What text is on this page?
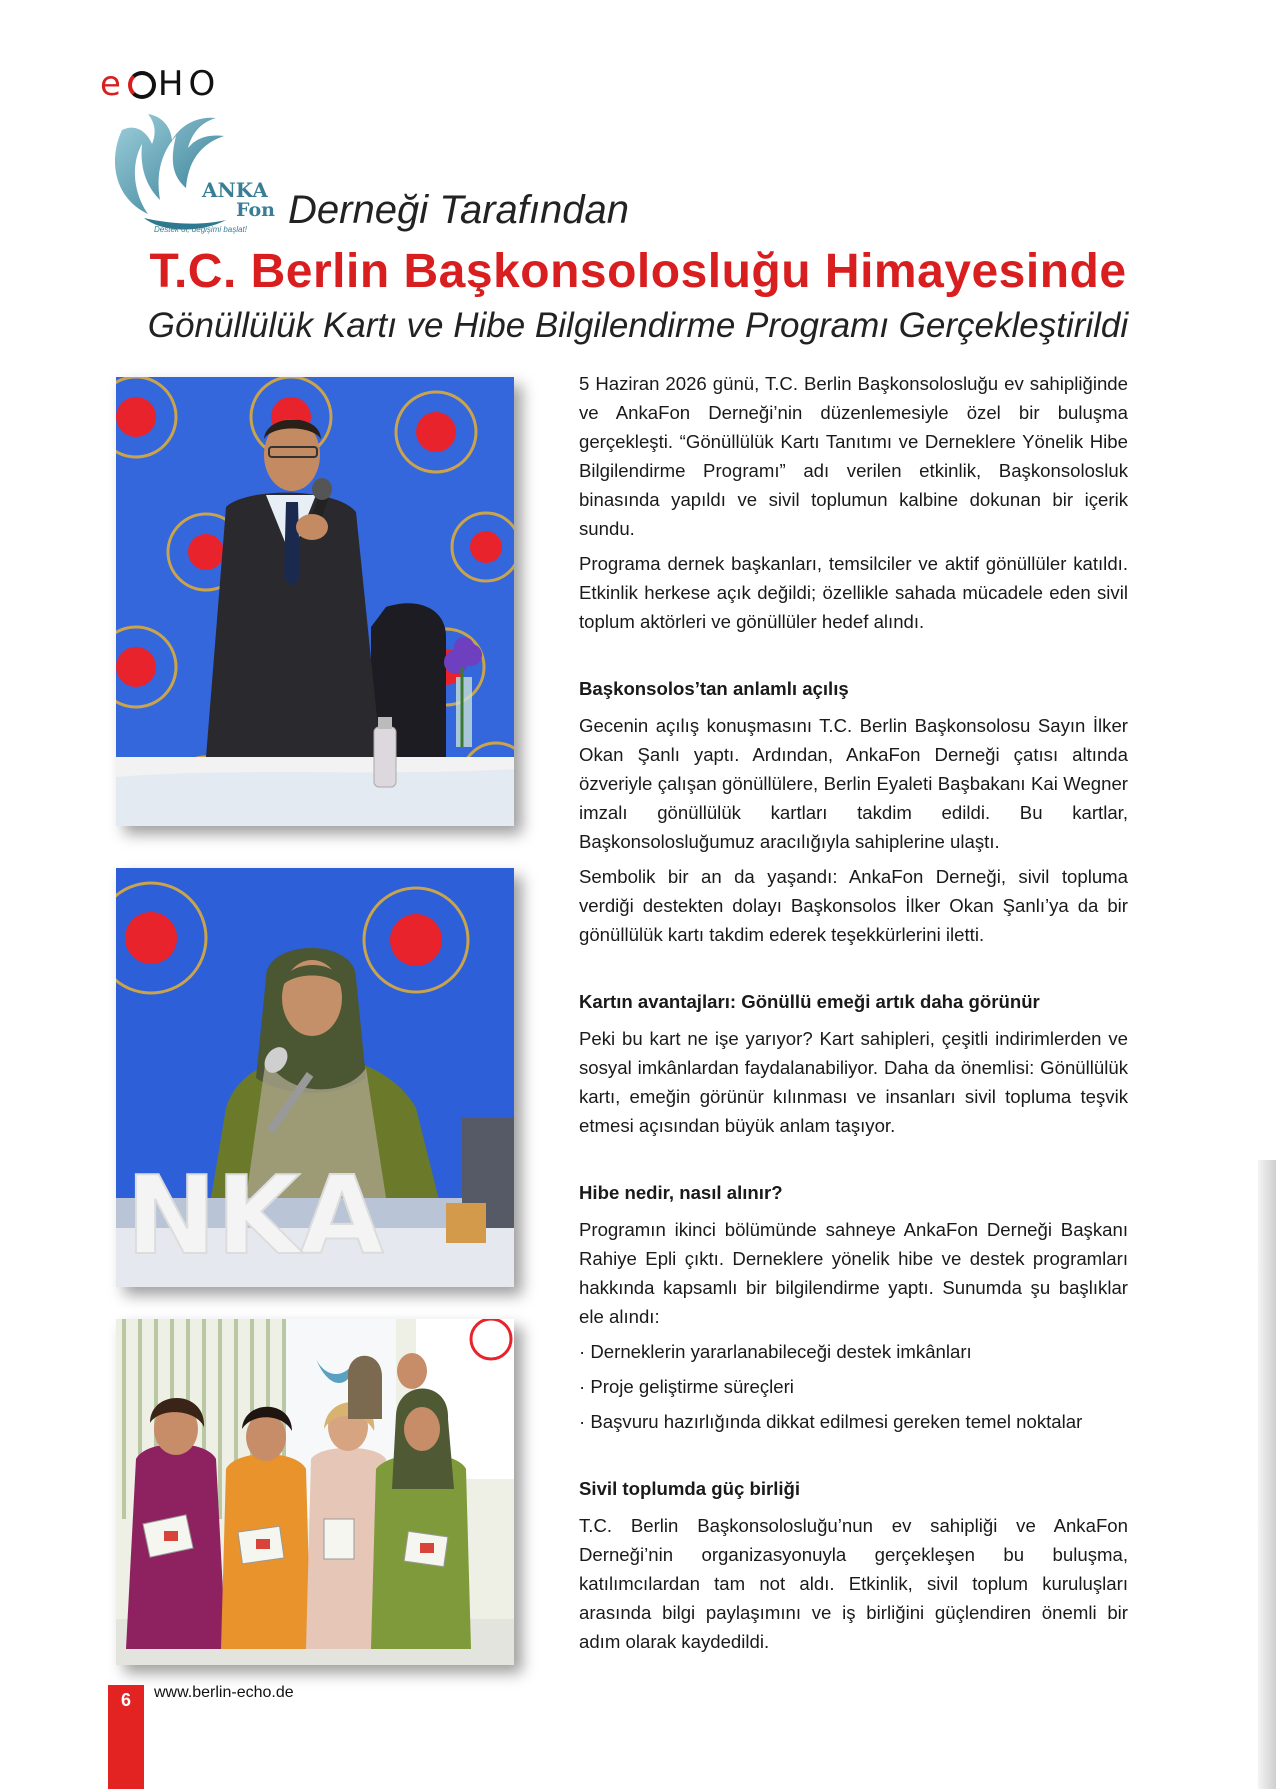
e HO
ANKA
Fon
Destek ol, değişimi başlat! Derneği Tarafından
T.C. Berlin Başkonsolosluğu Himayesinde
Gönüllülük Kartı ve Hibe Bilgilendirme Programı Gerçekleştirildi
NKA

5 Haziran 2026 günü, T.C. Berlin Başkonsolosluğu ev sahipliğinde ve AnkaFon Derneği’nin düzenlemesiyle özel bir buluşma gerçekleşti. “Gönüllülük Kartı Tanıtımı ve Derneklere Yönelik Hibe Bilgilendirme Programı” adı verilen etkinlik, Başkonsolosluk binasında yapıldı ve sivil toplumun kalbine dokunan bir içerik sundu.

Programa dernek başkanları, temsilciler ve aktif gönüllüler katıldı. Etkinlik herkese açık değildi; özellikle sahada mücadele eden sivil toplum aktörleri ve gönüllüler hedef alındı.

Başkonsolos’tan anlamlı açılış

Gecenin açılış konuşmasını T.C. Berlin Başkonsolosu Sayın İlker Okan Şanlı yaptı. Ardından, AnkaFon Derneği çatısı altında özveriyle çalışan gönüllülere, Berlin Eyaleti Başbakanı Kai Wegner imzalı gönüllülük kartları takdim edildi. Bu kartlar, Başkonsolosluğumuz aracılığıyla sahiplerine ulaştı.

Sembolik bir an da yaşandı: AnkaFon Derneği, sivil topluma verdiği destekten dolayı Başkonsolos İlker Okan Şanlı’ya da bir gönüllülük kartı takdim ederek teşekkürlerini iletti.

Kartın avantajları: Gönüllü emeği artık daha görünür

Peki bu kart ne işe yarıyor? Kart sahipleri, çeşitli indirimlerden ve sosyal imkânlardan faydalanabiliyor. Daha da önemlisi: Gönüllülük kartı, emeğin görünür kılınması ve insanları sivil topluma teşvik etmesi açısından büyük anlam taşıyor.

Hibe nedir, nasıl alınır?

Programın ikinci bölümünde sahneye AnkaFon Derneği Başkanı Rahiye Epli çıktı. Derneklere yönelik hibe ve destek programları hakkında kapsamlı bir bilgilendirme yaptı. Sunumda şu başlıklar ele alındı:

· Derneklerin yararlanabileceği destek imkânları
· Proje geliştirme süreçleri
· Başvuru hazırlığında dikkat edilmesi gereken temel noktalar
Sivil toplumda güç birliği

T.C. Berlin Başkonsolosluğu’nun ev sahipliği ve AnkaFon Derneği’nin organizasyonuyla gerçekleşen bu buluşma, katılımcılardan tam not aldı. Etkinlik, sivil toplum kuruluşları arasında bilgi paylaşımını ve iş birliğini güçlendiren önemli bir adım olarak kaydedildi.

6	www.berlin-echo.de
